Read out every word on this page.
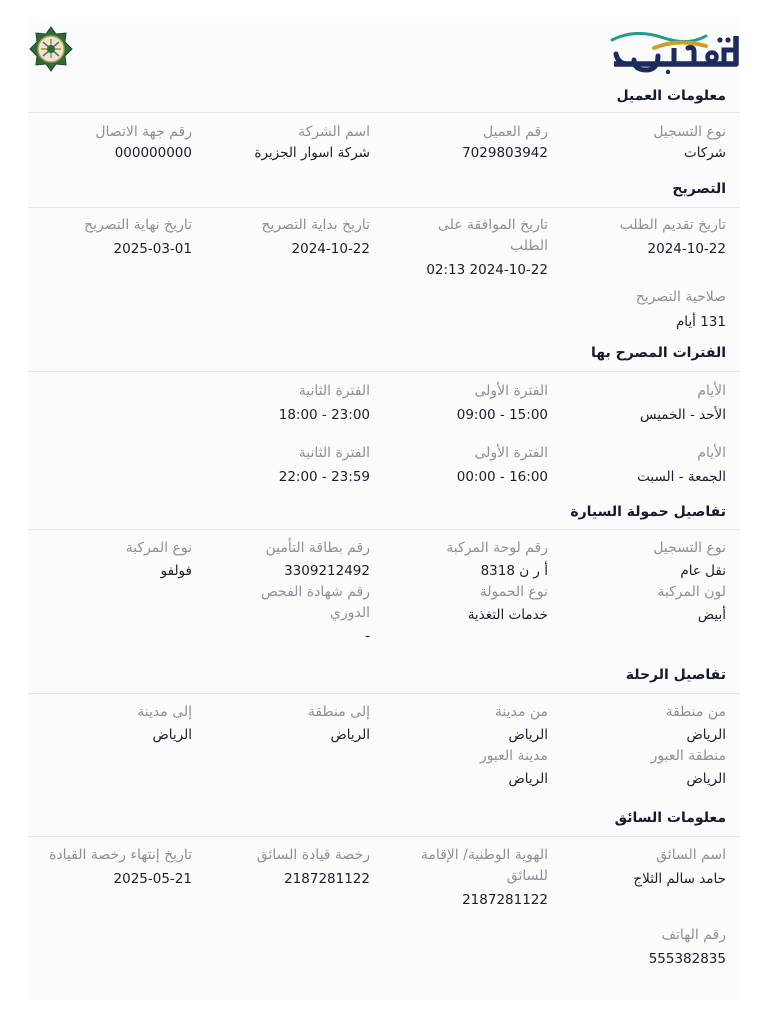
معلومات العميل
نوع التسجيل
شركات
رقم العميل
7029803942
اسم الشركة
شركة اسوار الجزيرة
رقم جهة الاتصال
000000000
التصريح
تاريخ تقديم الطلب
2024-10-22
تاريخ الموافقة على الطلب
2024-10-22 02:13
تاريخ بداية التصريح
2024-10-22
تاريخ نهاية التصريح
2025-03-01
صلاحية التصريح
131 أيام
الفترات المصرح بها
الأيام
الأحد - الخميس
الفترة الأولى
09:00 - 15:00
الفترة الثانية
18:00 - 23:00
الأيام
الجمعة - السبت
الفترة الأولى
00:00 - 16:00
الفترة الثانية
22:00 - 23:59
تفاصيل حمولة السيارة
نوع التسجيل
نقل عام
لون المركبة
أبيض
رقم لوحة المركبة
أ ر ن 8318
نوع الحمولة
خدمات التغذية
رقم بطاقة التأمين
3309212492
رقم شهادة الفحص الدوري
-
نوع المركبة
فولفو
تفاصيل الرحلة
من منطقة
الرياض
منطقة العبور
الرياض
من مدينة
الرياض
مدينة العبور
الرياض
إلى منطقة
الرياض
إلى مدينة
الرياض
معلومات السائق
اسم السائق
حامد سالم الثلاج
الهوية الوطنية/ الإقامة للسائق
2187281122
رخصة قيادة السائق
2187281122
تاريخ إنتهاء رخصة القيادة
2025-05-21
رقم الهاتف
555382835
